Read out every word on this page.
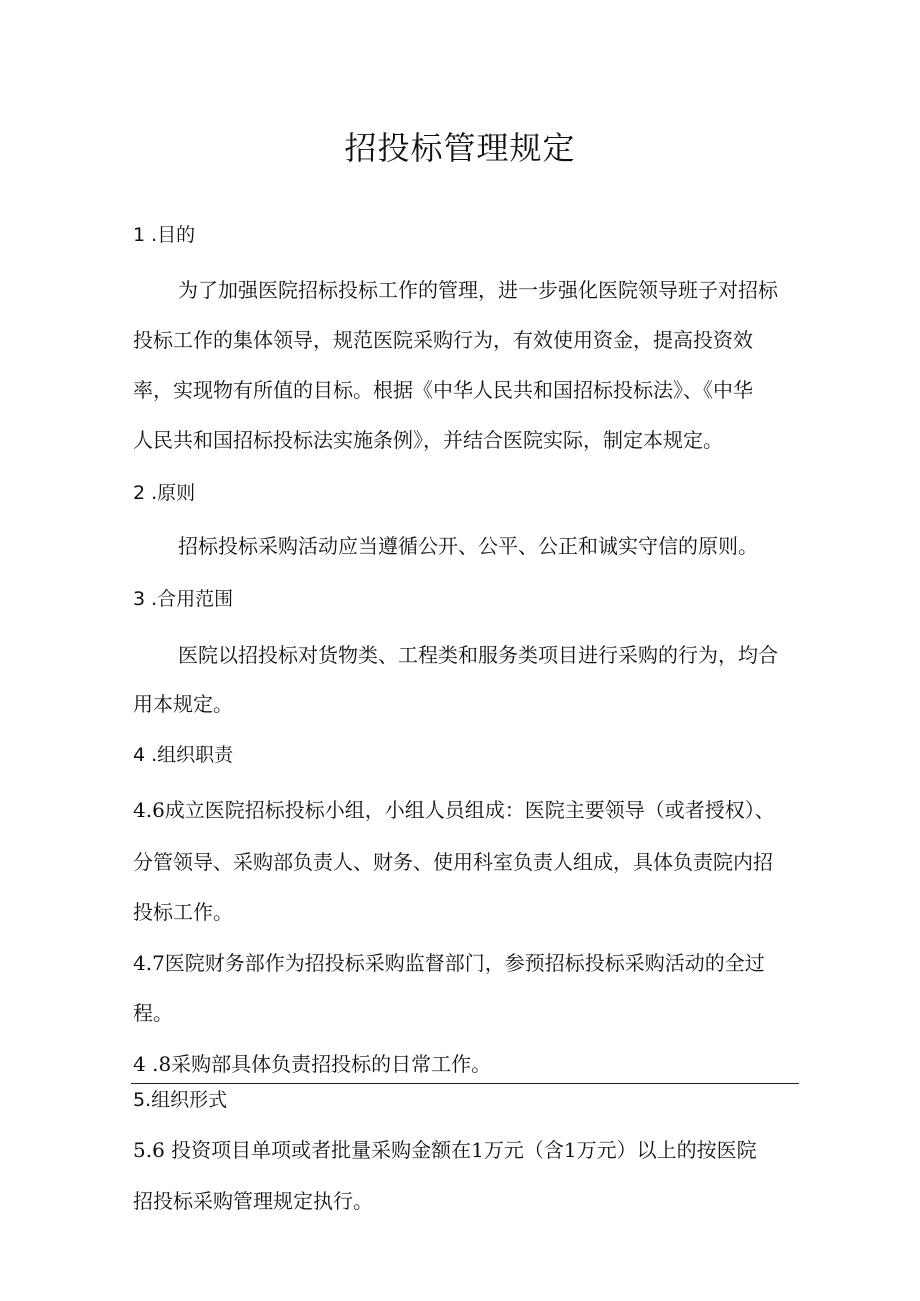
招投标管理规定
1 .目的
为了加强医院招标投标工作的管理，进一步强化医院领导班子对招标
投标工作的集体领导，规范医院采购行为，有效使用资金，提高投资效
率，实现物有所值的目标。根据《中华人民共和国招标投标法》、《中华
人民共和国招标投标法实施条例》，并结合医院实际，制定本规定。
2 .原则
招标投标采购活动应当遵循公开、公平、公正和诚实守信的原则。
3 .合用范围
医院以招投标对货物类、工程类和服务类项目进行采购的行为，均合
用本规定。
4 .组织职责
4.6成立医院招标投标小组，小组人员组成：医院主要领导（或者授权）、
分管领导、采购部负责人、财务、使用科室负责人组成，具体负责院内招
投标工作。
4.7医院财务部作为招投标采购监督部门，参预招标投标采购活动的全过
程。
4 .8采购部具体负责招投标的日常工作。
5.组织形式
5.6 投资项目单项或者批量采购金额在1万元（含1万元）以上的按医院
招投标采购管理规定执行。
